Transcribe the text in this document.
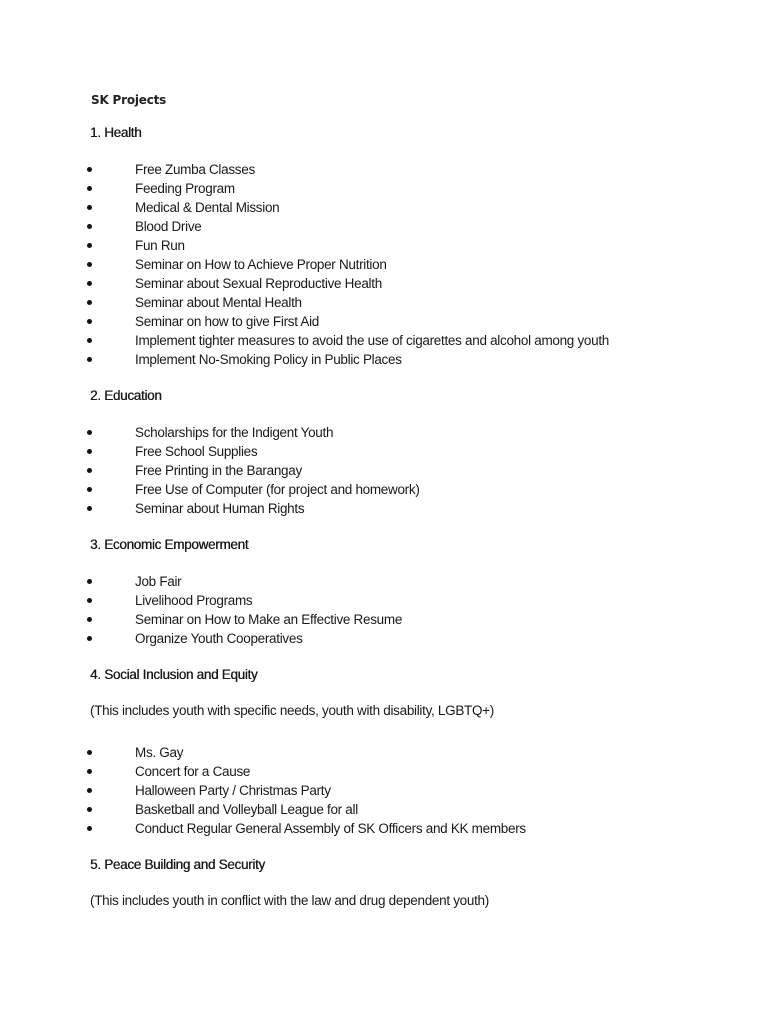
SK Projects
1. Health
Free Zumba Classes
Feeding Program
Medical & Dental Mission
Blood Drive
Fun Run
Seminar on How to Achieve Proper Nutrition
Seminar about Sexual Reproductive Health
Seminar about Mental Health
Seminar on how to give First Aid
Implement tighter measures to avoid the use of cigarettes and alcohol among youth
Implement No-Smoking Policy in Public Places
2. Education
Scholarships for the Indigent Youth
Free School Supplies
Free Printing in the Barangay
Free Use of Computer (for project and homework)
Seminar about Human Rights
3. Economic Empowerment
Job Fair
Livelihood Programs
Seminar on How to Make an Effective Resume
Organize Youth Cooperatives
4. Social Inclusion and Equity
(This includes youth with specific needs, youth with disability, LGBTQ+)
Ms. Gay
Concert for a Cause
Halloween Party / Christmas Party
Basketball and Volleyball League for all
Conduct Regular General Assembly of SK Officers and KK members
5. Peace Building and Security
(This includes youth in conflict with the law and drug dependent youth)
